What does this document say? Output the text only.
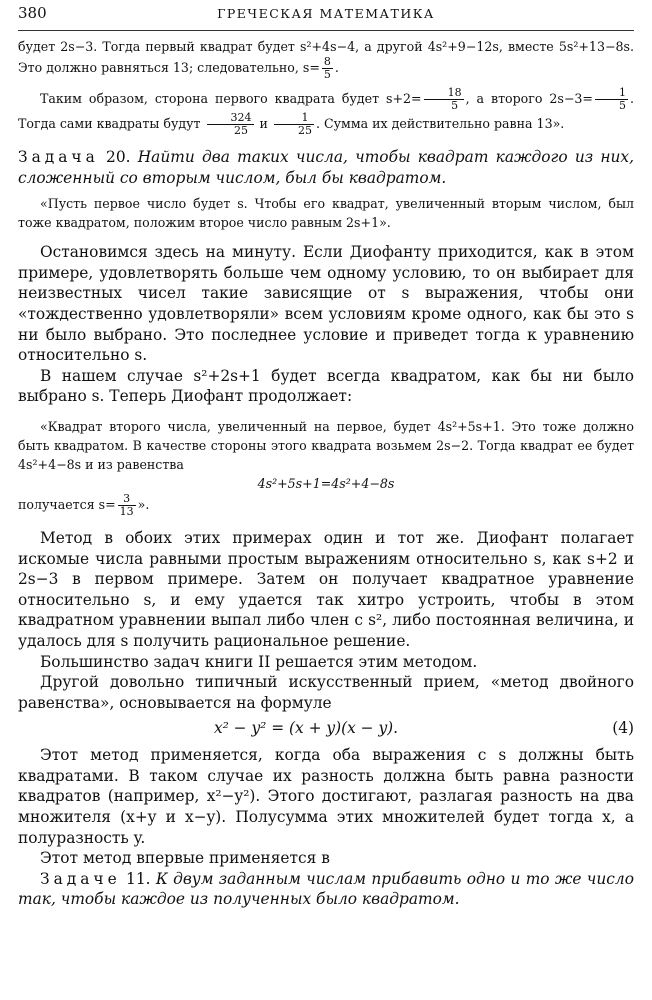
380	ГРЕЧЕСКАЯ МАТЕМАТИКА

будет 2s−3. Тогда первый квадрат будет s²+4s−4, а другой 4s²+9−12s, вместе 5s²+13−8s. Это должно равняться 13; следовательно, $s= \frac{8}{5}$ .

Таким образом, сторона первого квадрата будет $s+2= \frac{18}{5}$ , а второго $2s-3= \frac{1}{5}$ . Тогда сами квадраты будут $\frac{324}{25}$ и $\frac{1}{25}$ . Сумма их действительно равна 13».

Задача 20. Найти два таких числа, чтобы квадрат каждого из них, сложенный со вторым числом, был бы квадратом.

«Пусть первое число будет s. Чтобы его квадрат, увеличенный вторым числом, был тоже квадратом, положим второе число равным 2s+1».

Остановимся здесь на минуту. Если Диофанту приходится, как в этом примере, удовлетворять больше чем одному условию, то он выбирает для неизвестных чисел такие зависящие от s выражения, чтобы они «тождественно удовлетворяли» всем условиям кроме одного, как бы это s ни было выбрано. Это последнее условие и приведет тогда к уравнению относительно s.

В нашем случае s²+2s+1 будет всегда квадратом, как бы ни было выбрано s. Теперь Диофант продолжает:

«Квадрат второго числа, увеличенный на первое, будет 4s²+5s+1. Это тоже должно быть квадратом. В качестве стороны этого квадрата возьмем 2s−2. Тогда квадрат ее будет 4s²+4−8s и из равенства

4s²+5s+1=4s²+4−8s

получается $s= \frac{3}{13}$ ».

Метод в обоих этих примерах один и тот же. Диофант полагает искомые числа равными простым выражениям относительно s, как s+2 и 2s−3 в первом примере. Затем он получает квадратное уравнение относительно s, и ему удается так хитро устроить, чтобы в этом квадратном уравнении выпал либо член с s², либо постоянная величина, и удалось для s получить рациональное решение.

Большинство задач книги II решается этим методом.

Другой довольно типичный искусственный прием, «метод двойного равенства», основывается на формуле

x² − y² = (x + y)(x − y).	(4)

Этот метод применяется, когда оба выражения с s должны быть квадратами. В таком случае их разность должна быть равна разности квадратов (например, x²−y²). Этого достигают, разлагая разность на два множителя (x+y и x−y). Полусумма этих множителей будет тогда x, а полуразность y.

Этот метод впервые применяется в

Задаче 11. К двум заданным числам прибавить одно и то же число так, чтобы каждое из полученных было квадратом.
